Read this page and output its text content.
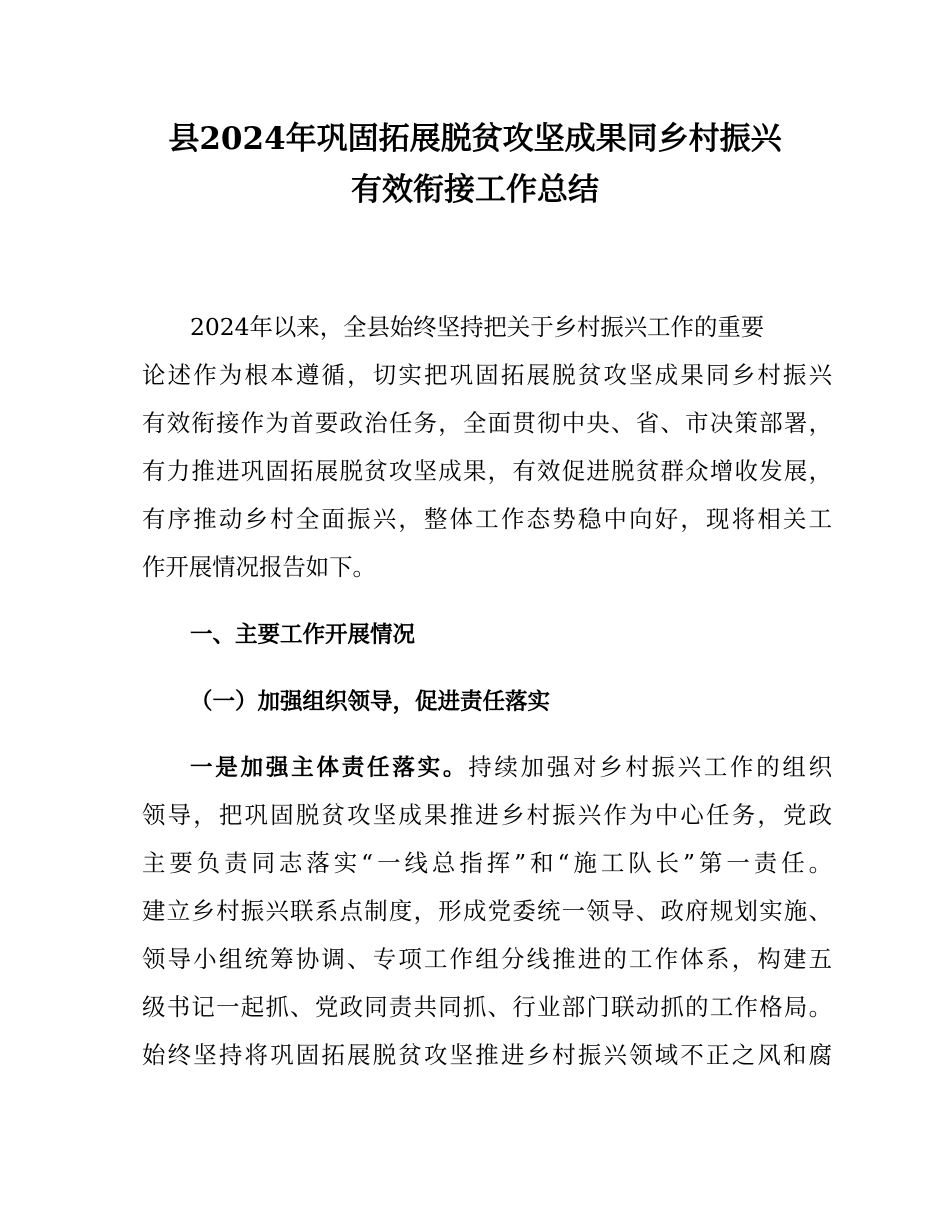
县2024年巩固拓展脱贫攻坚成果同乡村振兴
有效衔接工作总结

2024年以来，全县始终坚持把关于乡村振兴工作的重要

论述作为根本遵循，切实把巩固拓展脱贫攻坚成果同乡村振兴

有效衔接作为首要政治任务，全面贯彻中央、省、市决策部署，

有力推进巩固拓展脱贫攻坚成果，有效促进脱贫群众增收发展，

有序推动乡村全面振兴，整体工作态势稳中向好，现将相关工

作开展情况报告如下。

一、主要工作开展情况
（一）加强组织领导，促进责任落实

一是加强主体责任落实。持续加强对乡村振兴工作的组织

领导，把巩固脱贫攻坚成果推进乡村振兴作为中心任务，党政

主要负责同志落实“一线总指挥”和“施工队长”第一责任。

建立乡村振兴联系点制度，形成党委统一领导、政府规划实施、

领导小组统筹协调、专项工作组分线推进的工作体系，构建五

级书记一起抓、党政同责共同抓、行业部门联动抓的工作格局。

始终坚持将巩固拓展脱贫攻坚推进乡村振兴领域不正之风和腐
